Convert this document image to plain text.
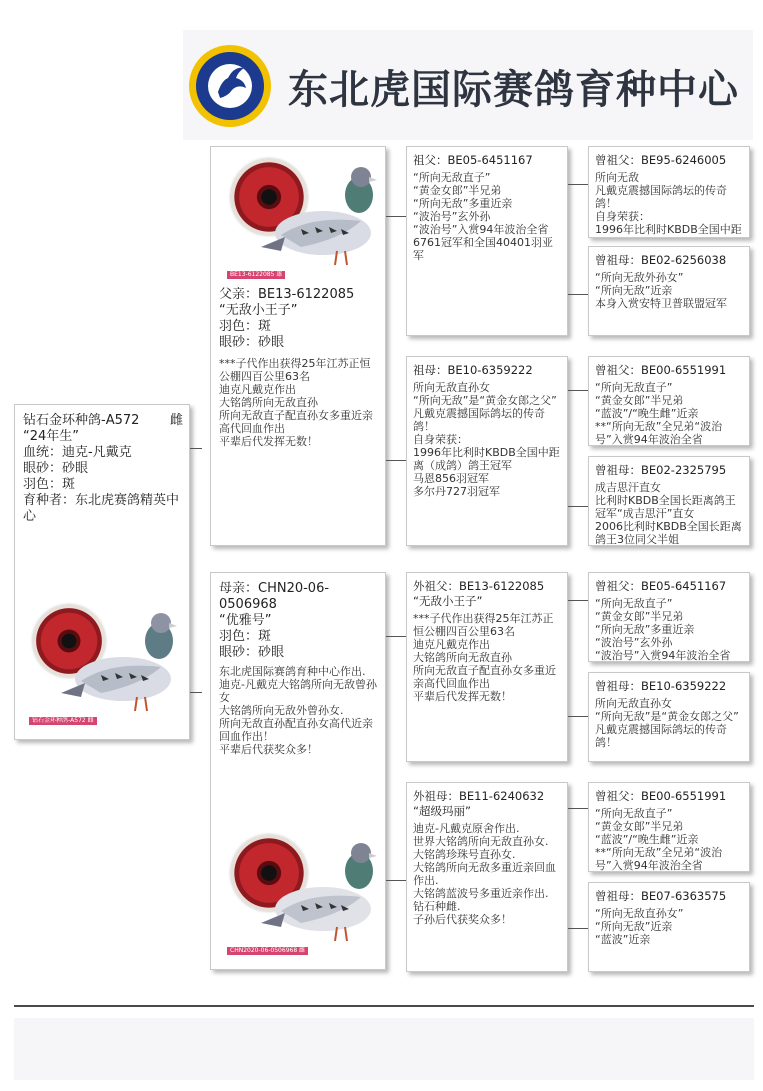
东北虎国际赛鸽育种中心
钻石金环种鸽-A572 雌
“24年生”
血统：迪克-凡戴克
眼砂：砂眼
羽色：斑
育种者：东北虎赛鸽精英中心
钻石金环种鸽-A572 雌
BE13-6122085 雄
父亲：BE13-6122085
“无敌小王子”
羽色：斑
眼砂：砂眼
***子代作出获得25年江苏正恒公棚四百公里63名
迪克凡戴克作出
大铭鸽所向无敌直孙
所向无敌直子配直孙女多重近亲高代回血作出
平辈后代发挥无数！
母亲：CHN20-06-0506968
“优雅号”
羽色：斑
眼砂：砂眼
东北虎国际赛鸽育种中心作出.
迪克-凡戴克大铭鸽所向无敌曾孙女
大铭鸽所向无敌外曾孙女.
所向无敌直孙配直孙女高代近亲回血作出！
平辈后代获奖众多！
CHN2020-06-0506968 雌
祖父：BE05-6451167
“所向无敌直子”
“黄金女郎”半兄弟
“所向无敌”多重近亲
“波治号”玄外孙
“波治号”入赏94年波治全省6761冠军和全国40401羽亚军
祖母：BE10-6359222
所向无敌直孙女
“所向无敌”是“黄金女郎之父”
凡戴克震撼国际鸽坛的传奇鸽！
自身荣获：
1996年比利时KBDB全国中距离（成鸽）鸽王冠军
马恩856羽冠军
多尔丹727羽冠军
外祖父：BE13-6122085
“无敌小王子”
***子代作出获得25年江苏正恒公棚四百公里63名
迪克凡戴克作出
大铭鸽所向无敌直孙
所向无敌直子配直孙女多重近亲高代回血作出
平辈后代发挥无数！
外祖母：BE11-6240632
“超级玛丽”
迪克-凡戴克原舍作出.
世界大铭鸽所向无敌直孙女.
大铭鸽珍珠号直孙女.
大铭鸽所向无敌多重近亲回血作出.
大铭鸽蓝波号多重近亲作出.
钻石种雌.
子孙后代获奖众多！
曾祖父：BE95-6246005
所向无敌
凡戴克震撼国际鸽坛的传奇鸽！
自身荣获：
1996年比利时KBDB全国中距
曾祖母：BE02-6256038
“所向无敌外孙女”
“所向无敌”近亲
本身入赏安特卫普联盟冠军
曾祖父：BE00-6551991
“所向无敌直子”
“黄金女郎”半兄弟
“蓝波”/“晚生雌”近亲
**“所向无敌”全兄弟“波治号”入赏94年波治全省
曾祖母：BE02-2325795
成吉思汗直女
比利时KBDB全国长距离鸽王冠军“成吉思汗”直女
2006比利时KBDB全国长距离鸽王3位同父半姐
曾祖父：BE05-6451167
“所向无敌直子”
“黄金女郎”半兄弟
“所向无敌”多重近亲
“波治号”玄外孙
“波治号”入赏94年波治全省
曾祖母：BE10-6359222
所向无敌直孙女
“所向无敌”是“黄金女郎之父”
凡戴克震撼国际鸽坛的传奇鸽！
曾祖父：BE00-6551991
“所向无敌直子”
“黄金女郎”半兄弟
“蓝波”/“晚生雌”近亲
**“所向无敌”全兄弟“波治号”入赏94年波治全省
曾祖母：BE07-6363575
“所向无敌直孙女”
“所向无敌”近亲
“蓝波”近亲
